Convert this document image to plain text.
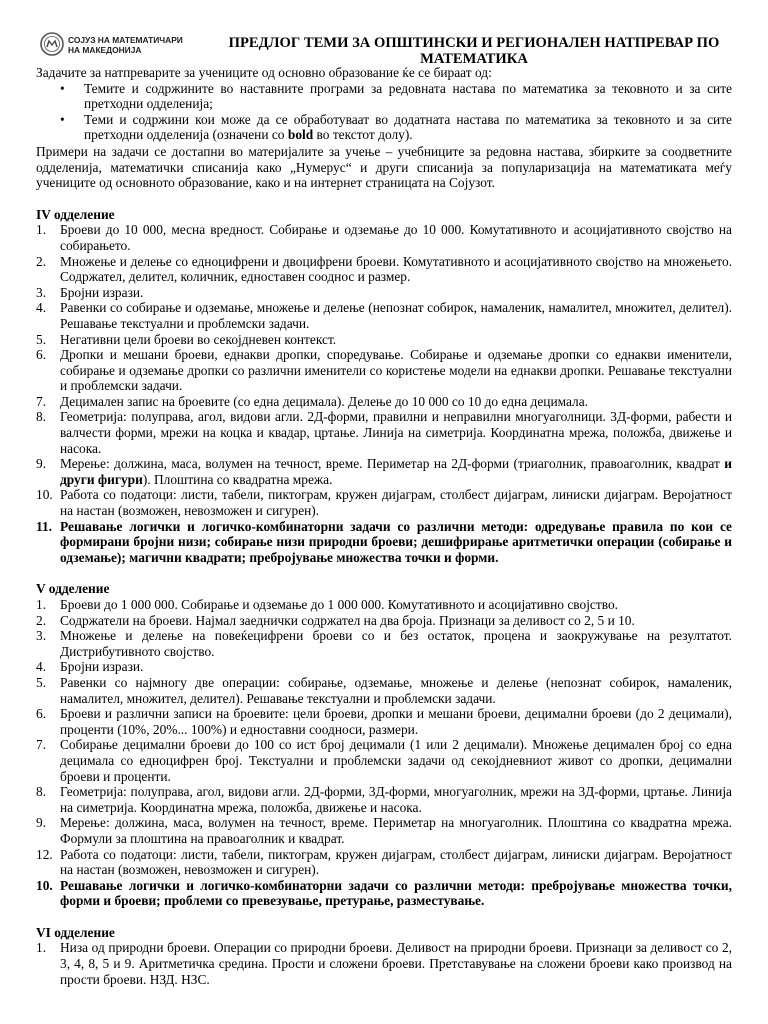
СОЈУЗ НА МАТЕМАТИЧАРИ
НА МАКЕДОНИЈА	ПРЕДЛОГ ТЕМИ ЗА ОПШТИНСКИ И РЕГИОНАЛЕН НАТПРЕВАР ПО
МАТЕМАТИКА

Задачите за натпреварите за учениците од основно образование ќе се бираат од:

• Темите и содржините во наставните програми за редовната настава по математика за тековното и за сите претходни одделенија;
• Теми и содржини кои може да се обработуваат во додатната настава по математика за тековното и за сите претходни одделенија (означени со bold во текстот долу).

Примери на задачи се достапни во материјалите за учење – учебниците за редовна настава, збирките за соодветните одделенија, математички списанија како „Нумерус“ и други списанија за популаризација на математиката меѓу учениците од основното образование, како и на интернет страницата на Сојузот.

IV одделение
1. Броеви до 10 000, месна вредност. Собирање и одземање до 10 000. Комутативното и асоцијативното својство на собирањето.
2. Множење и делење со едноцифрени и двоцифрени броеви. Комутативното и асоцијативното својство на множењето. Содржател, делител, количник, едноставен сооднос и размер.
3. Бројни изрази.
4. Равенки со собирање и одземање, множење и делење (непознат собирок, намаленик, намалител, множител, делител). Решавање текстуални и проблемски задачи.
5. Негативни цели броеви во секојдневен контекст.
6. Дропки и мешани броеви, еднакви дропки, споредување. Собирање и одземање дропки со еднакви именители, собирање и одземање дропки со различни именители со користење модели на еднакви дропки. Решавање текстуални и проблемски задачи.
7. Децимален запис на броевите (со една децимала). Делење до 10 000 со 10 до една децимала.
8. Геометрија: полуправа, агол, видови агли. 2Д-форми, правилни и неправилни многуаголници. 3Д-форми, рабести и валчести форми, мрежи на коцка и квадар, цртање. Линија на симетрија. Координатна мрежа, положба, движење и насока.
9. Мерење: должина, маса, волумен на течност, време. Периметар на 2Д-форми (триаголник, правоаголник, квадрат и други фигури). Плоштина со квадратна мрежа.
10. Работа со податоци: листи, табели, пиктограм, кружен дијаграм, столбест дијаграм, линиски дијаграм. Веројатност на настан (возможен, невозможен и сигурен).
11. Решавање логички и логичко-комбинаторни задачи со различни методи: одредување правила по кои се формирани бројни низи; собирање низи природни броеви; дешифрирање аритметички операции (собирање и одземање); магични квадрати; пребројување множества точки и форми.
V одделение
1. Броеви до 1 000 000. Собирање и одземање до 1 000 000. Комутативното и асоцијативно својство.
2. Содржатели на броеви. Најмал заеднички содржател на два броја. Признаци за деливост со 2, 5 и 10.
3. Множење и делење на повеќецифрени броеви со и без остаток, процена и заокружување на резултатот. Дистрибутивното својство.
4. Бројни изрази.
5. Равенки со најмногу две операции: собирање, одземање, множење и делење (непознат собирок, намаленик, намалител, множител, делител). Решавање текстуални и проблемски задачи.
6. Броеви и различни записи на броевите: цели броеви, дропки и мешани броеви, децимални броеви (до 2 децимали), проценти (10%, 20%... 100%) и едноставни соодноси, размери.
7. Собирање децимални броеви до 100 со ист број децимали (1 или 2 децимали). Множење децимален број со една децимала со едноцифрен број. Текстуални и проблемски задачи од секојдневниот живот со дропки, децимални броеви и проценти.
8. Геометрија: полуправа, агол, видови агли. 2Д-форми, 3Д-форми, многуаголник, мрежи на 3Д-форми, цртање. Линија на симетрија. Координатна мрежа, положба, движење и насока.
9. Мерење: должина, маса, волумен на течност, време. Периметар на многуаголник. Плоштина со квадратна мрежа. Формули за плоштина на правоаголник и квадрат.
12. Работа со податоци: листи, табели, пиктограм, кружен дијаграм, столбест дијаграм, линиски дијаграм. Веројатност на настан (возможен, невозможен и сигурен).
10. Решавање логички и логичко-комбинаторни задачи со различни методи: пребројување множества точки, форми и броеви; проблеми со превезување, претурање, разместување.
VI одделение
1. Низа од природни броеви. Операции со природни броеви. Деливост на природни броеви. Признаци за деливост со 2, 3, 4, 8, 5 и 9. Аритметичка средина. Прости и сложени броеви. Претставување на сложени броеви како производ на прости броеви. НЗД. НЗС.
